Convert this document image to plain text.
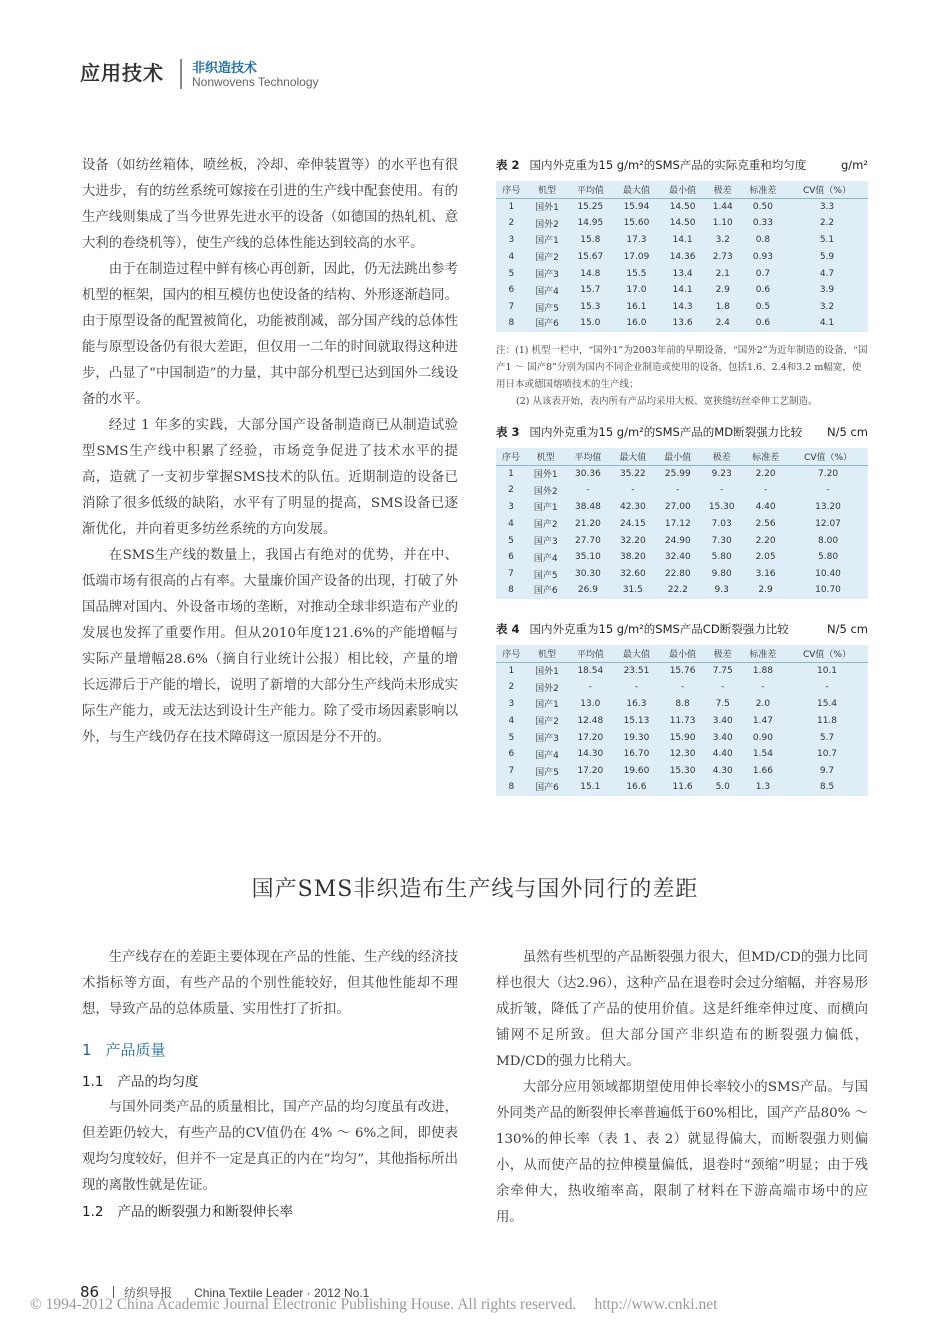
应用技术 非织造技术
Nonwovens Technology

设备（如纺丝箱体，喷丝板，冷却、牵伸装置等）的水平也有很大进步，有的纺丝系统可嫁接在引进的生产线中配套使用。有的生产线则集成了当今世界先进水平的设备（如德国的热轧机、意大利的卷绕机等），使生产线的总体性能达到较高的水平。

由于在制造过程中鲜有核心再创新，因此，仍无法跳出参考机型的框架，国内的相互模仿也使设备的结构、外形逐渐趋同。由于原型设备的配置被简化，功能被削减，部分国产线的总体性能与原型设备仍有很大差距，但仅用一二年的时间就取得这种进步，凸显了“中国制造”的力量，其中部分机型已达到国外二线设备的水平。

经过 1 年多的实践，大部分国产设备制造商已从制造试验型SMS生产线中积累了经验，市场竞争促进了技术水平的提高，造就了一支初步掌握SMS技术的队伍。近期制造的设备已消除了很多低级的缺陷，水平有了明显的提高，SMS设备已逐渐优化，并向着更多纺丝系统的方向发展。

在SMS生产线的数量上，我国占有绝对的优势，并在中、低端市场有很高的占有率。大量廉价国产设备的出现，打破了外国品牌对国内、外设备市场的垄断，对推动全球非织造布产业的发展也发挥了重要作用。但从2010年度121.6%的产能增幅与实际产量增幅28.6%（摘自行业统计公报）相比较，产量的增长远滞后于产能的增长，说明了新增的大部分生产线尚未形成实际生产能力，或无法达到设计生产能力。除了受市场因素影响以外，与生产线仍存在技术障碍这一原因是分不开的。

表 2 国内外克重为15 g/m²的SMS产品的实际克重和均匀度	g/m²
序号	机型	平均值	最大值	最小值	极差	标准差	CV值（%）
1	国外1	15.25	15.94	14.50	1.44	0.50	3.3
2	国外2	14.95	15.60	14.50	1.10	0.33	2.2
3	国产1	15.8	17.3	14.1	3.2	0.8	5.1
4	国产2	15.67	17.09	14.36	2.73	0.93	5.9
5	国产3	14.8	15.5	13.4	2.1	0.7	4.7
6	国产4	15.7	17.0	14.1	2.9	0.6	3.9
7	国产5	15.3	16.1	14.3	1.8	0.5	3.2
8	国产6	15.0	16.0	13.6	2.4	0.6	4.1
注：(1) 机型一栏中，“国外1”为2003年前的早期设备，“国外2”为近年制造的设备，“国产1 ～ 国产8”分别为国内不同企业制造或使用的设备，包括1.6、2.4和3.2 m幅宽，使用日本或德国熔喷技术的生产线；
(2) 从该表开始，表内所有产品均采用大板、宽狭缝纺丝牵伸工艺制造。
表 3 国内外克重为15 g/m²的SMS产品的MD断裂强力比较 N/5 cm
序号	机型	平均值	最大值	最小值	极差	标准差	CV值（%）
1	国外1	30.36	35.22	25.99	9.23	2.20	7.20
2	国外2	-	-	-	-	-	-
3	国产1	38.48	42.30	27.00	15.30	4.40	13.20
4	国产2	21.20	24.15	17.12	7.03	2.56	12.07
5	国产3	27.70	32.20	24.90	7.30	2.20	8.00
6	国产4	35.10	38.20	32.40	5.80	2.05	5.80
7	国产5	30.30	32.60	22.80	9.80	3.16	10.40
8	国产6	26.9	31.5	22.2	9.3	2.9	10.70
表 4 国内外克重为15 g/m²的SMS产品CD断裂强力比较	N/5 cm
序号	机型	平均值	最大值	最小值	极差	标准差	CV值（%）
1	国外1	18.54	23.51	15.76	7.75	1.88	10.1
2	国外2	-	-	-	-	-	-
3	国产1	13.0	16.3	8.8	7.5	2.0	15.4
4	国产2	12.48	15.13	11.73	3.40	1.47	11.8
5	国产3	17.20	19.30	15.90	3.40	0.90	5.7
6	国产4	14.30	16.70	12.30	4.40	1.54	10.7
7	国产5	17.20	19.60	15.30	4.30	1.66	9.7
8	国产6	15.1	16.6	11.6	5.0	1.3	8.5
国产SMS非织造布生产线与国外同行的差距

生产线存在的差距主要体现在产品的性能、生产线的经济技术指标等方面，有些产品的个别性能较好，但其他性能却不理想，导致产品的总体质量、实用性打了折扣。

1 产品质量
1.1 产品的均匀度

与国外同类产品的质量相比，国产产品的均匀度虽有改进，但差距仍较大，有些产品的CV值仍在 4% ～ 6%之间，即使表观均匀度较好，但并不一定是真正的内在“均匀”，其他指标所出现的离散性就是佐证。

1.2 产品的断裂强力和断裂伸长率

虽然有些机型的产品断裂强力很大，但MD/CD的强力比同样也很大（达2.96），这种产品在退卷时会过分缩幅，并容易形成折皱，降低了产品的使用价值。这是纤维牵伸过度、而横向铺网不足所致。但大部分国产非织造布的断裂强力偏低，MD/CD的强力比稍大。

大部分应用领域都期望使用伸长率较小的SMS产品。与国外同类产品的断裂伸长率普遍低于60%相比，国产产品80% ～ 130%的伸长率（表 1、表 2）就显得偏大，而断裂强力则偏小，从而使产品的拉伸模量偏低，退卷时“颈缩”明显；由于残余牵伸大，热收缩率高，限制了材料在下游高端市场中的应用。

86 纺织导报 China Textile Leader · 2012 No.1
© 1994-2012 China Academic Journal Electronic Publishing House. All rights reserved. http://www.cnki.net
